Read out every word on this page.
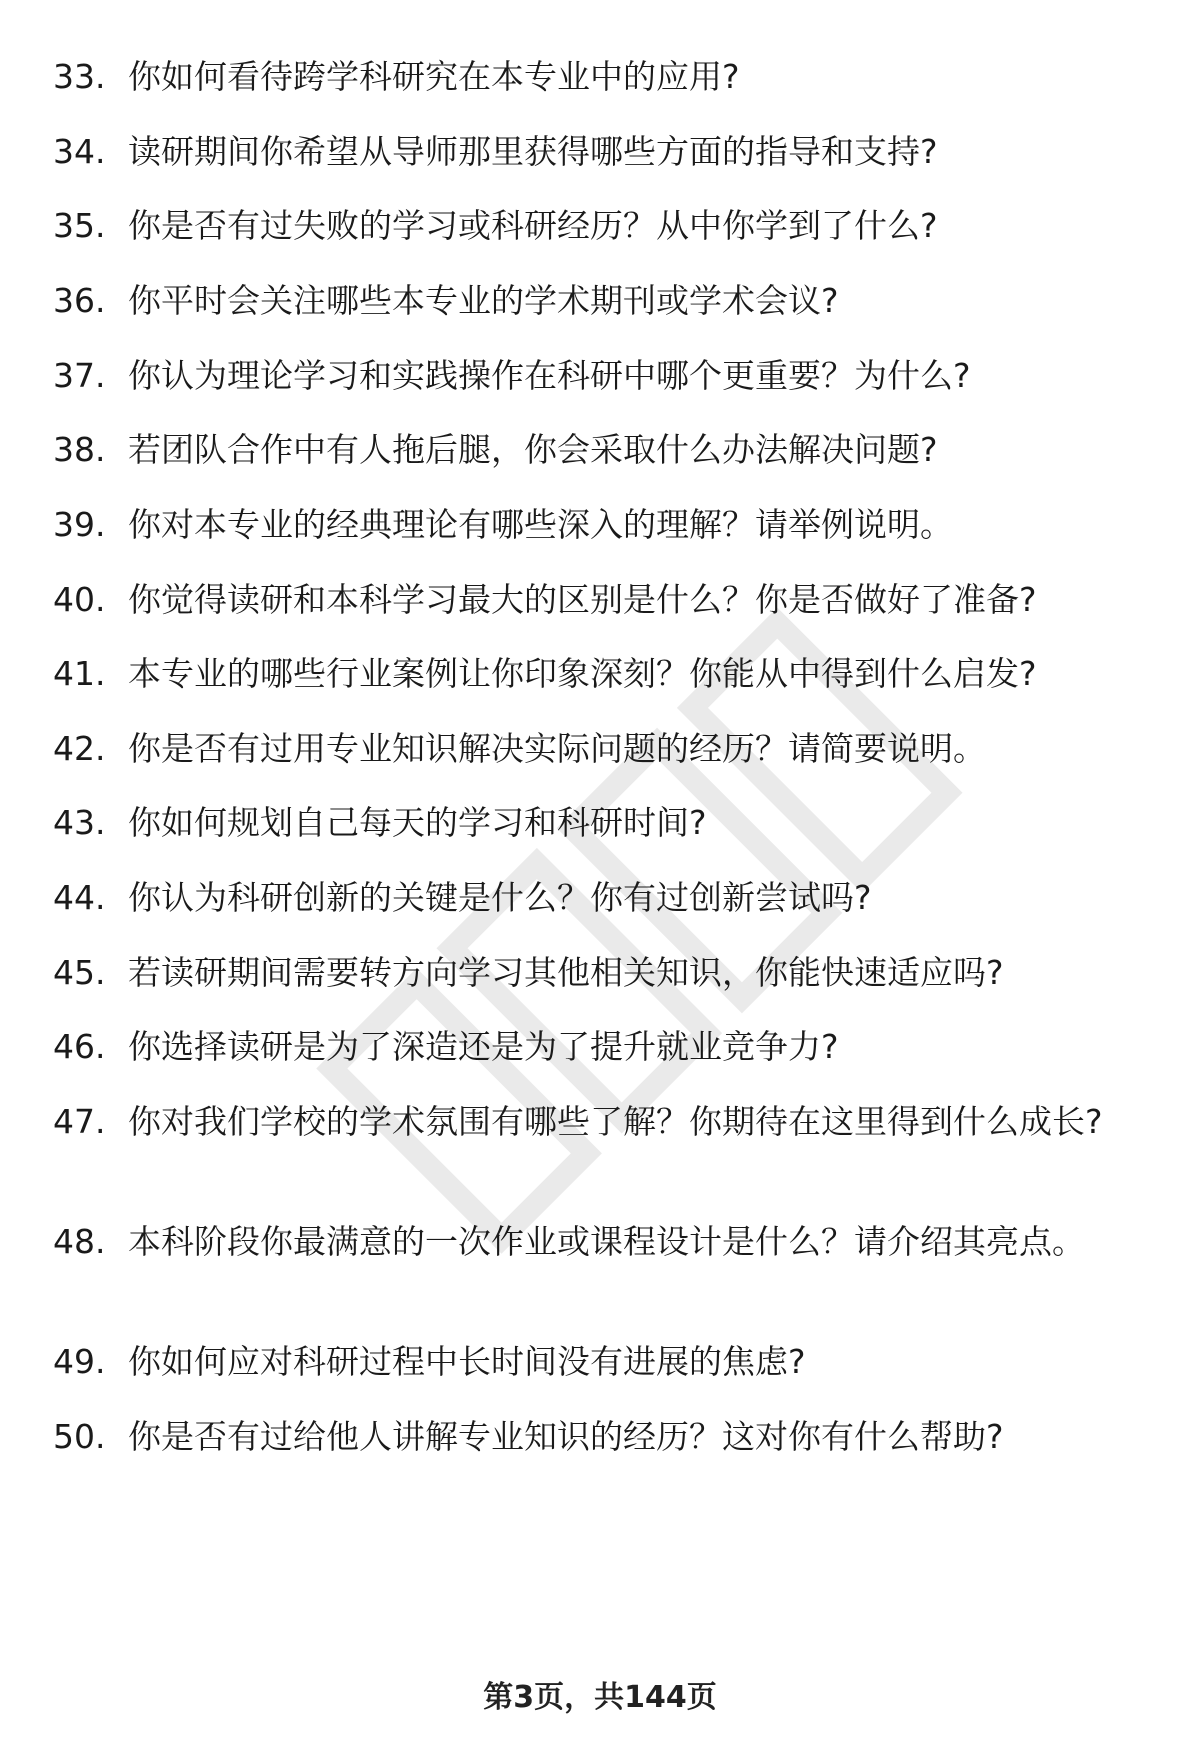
33. 你如何看待跨学科研究在本专业中的应用?
34. 读研期间你希望从导师那里获得哪些方面的指导和支持?
35. 你是否有过失败的学习或科研经历？从中你学到了什么?
36. 你平时会关注哪些本专业的学术期刊或学术会议?
37. 你认为理论学习和实践操作在科研中哪个更重要？为什么?
38. 若团队合作中有人拖后腿，你会采取什么办法解决问题?
39. 你对本专业的经典理论有哪些深入的理解？请举例说明。
40. 你觉得读研和本科学习最大的区别是什么？你是否做好了准备?
41. 本专业的哪些行业案例让你印象深刻？你能从中得到什么启发?
42. 你是否有过用专业知识解决实际问题的经历？请简要说明。
43. 你如何规划自己每天的学习和科研时间?
44. 你认为科研创新的关键是什么？你有过创新尝试吗?
45. 若读研期间需要转方向学习其他相关知识，你能快速适应吗?
46. 你选择读研是为了深造还是为了提升就业竞争力?
47. 你对我们学校的学术氛围有哪些了解？你期待在这里得到什么成长?
48. 本科阶段你最满意的一次作业或课程设计是什么？请介绍其亮点。
49. 你如何应对科研过程中长时间没有进展的焦虑?
50. 你是否有过给他人讲解专业知识的经历？这对你有什么帮助?
第3页，共144页
